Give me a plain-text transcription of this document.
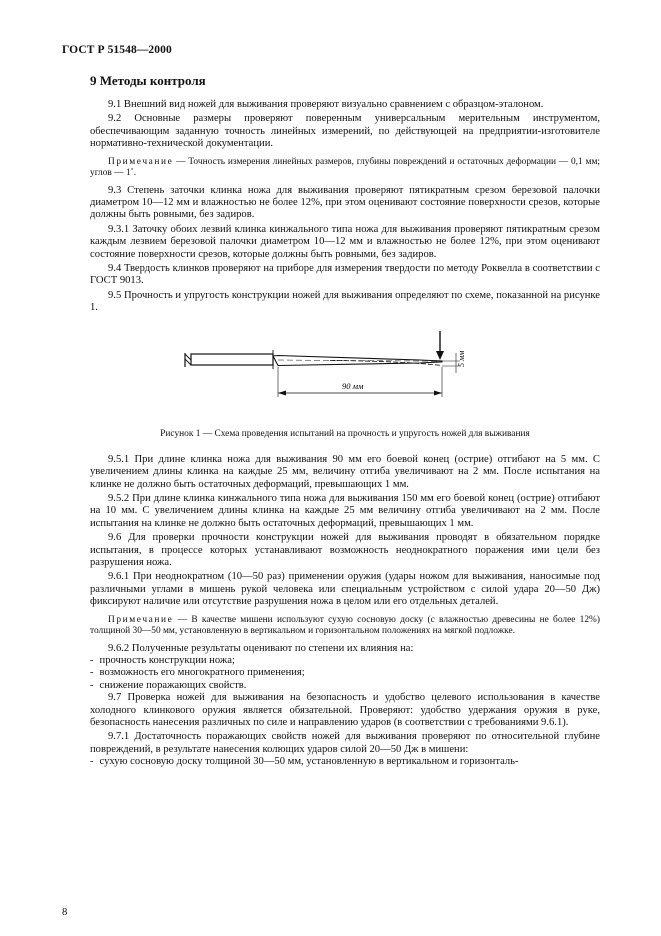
ГОСТ Р 51548—2000
9 Методы контроля

9.1 Внешний вид ножей для выживания проверяют визуально сравнением с образцом-эталоном.

9.2 Основные размеры проверяют поверенным универсальным мерительным инструментом, обеспечивающим заданную точность линейных измерений, по действующей на предприятии-изготовителе нормативно-технической документации.

Примечание — Точность измерения линейных размеров, глубины повреждений и остаточных деформации — 0,1 мм; углов — 1˚.

9.3 Степень заточки клинка ножа для выживания проверяют пятикратным срезом березовой палочки диаметром 10—12 мм и влажностью не более 12%, при этом оценивают состояние поверхности срезов, которые должны быть ровными, без задиров.

9.3.1 Заточку обоих лезвий клинка кинжального типа ножа для выживания проверяют пятикратным срезом каждым лезвием березовой палочки диаметром 10—12 мм и влажностью не более 12%, при этом оценивают состояние поверхности срезов, которые должны быть ровными, без задиров.

9.4 Твердость клинков проверяют на приборе для измерения твердости по методу Роквелла в соответствии с ГОСТ 9013.

9.5 Прочность и упругость конструкции ножей для выживания определяют по схеме, показанной на рисунке 1.

5 мм
90 мм

Рисунок 1 — Схема проведения испытаний на прочность и упругость ножей для выживания

9.5.1 При длине клинка ножа для выживания 90 мм его боевой конец (острие) отгибают на 5 мм. С увеличением длины клинка на каждые 25 мм, величину отгиба увеличивают на 2 мм. После испытания на клинке не должно быть остаточных деформаций, превышающих 1 мм.

9.5.2 При длине клинка кинжального типа ножа для выживания 150 мм его боевой конец (острие) отгибают на 10 мм. С увеличением длины клинка на каждые 25 мм величину отгиба увеличивают на 2 мм. После испытания на клинке не должно быть остаточных деформаций, превышающих 1 мм.

9.6 Для проверки прочности конструкции ножей для выживания проводят в обязательном порядке испытания, в процессе которых устанавливают возможность неоднократного поражения ими цели без разрушения ножа.

9.6.1 При неоднократном (10—50 раз) применении оружия (удары ножом для выживания, наносимые под различными углами в мишень рукой человека или специальным устройством с силой удара 20—50 Дж) фиксируют наличие или отсутствие разрушения ножа в целом или его отдельных деталей.

Примечание — В качестве мишени используют сухую сосновую доску (с влажностью древесины не более 12%) толщиной 30—50 мм, установленную в вертикальном и горизонтальном положениях на мягкой подложке.

9.6.2 Полученные результаты оценивают по степени их влияния на:

- прочность конструкции ножа;
- возможность его многократного применения;
- снижение поражающих свойств.

9.7 Проверка ножей для выживания на безопасность и удобство целевого использования в качестве холодного клинкового оружия является обязательной. Проверяют: удобство удержания оружия в руке, безопасность нанесения различных по силе и направлению ударов (в соответствии с требованиями 9.6.1).

9.7.1 Достаточность поражающих свойств ножей для выживания проверяют по относительной глубине повреждений, в результате нанесения колющих ударов силой 20—50 Дж в мишени:

- сухую сосновую доску толщиной 30—50 мм, установленную в вертикальном и горизонталь-
8
